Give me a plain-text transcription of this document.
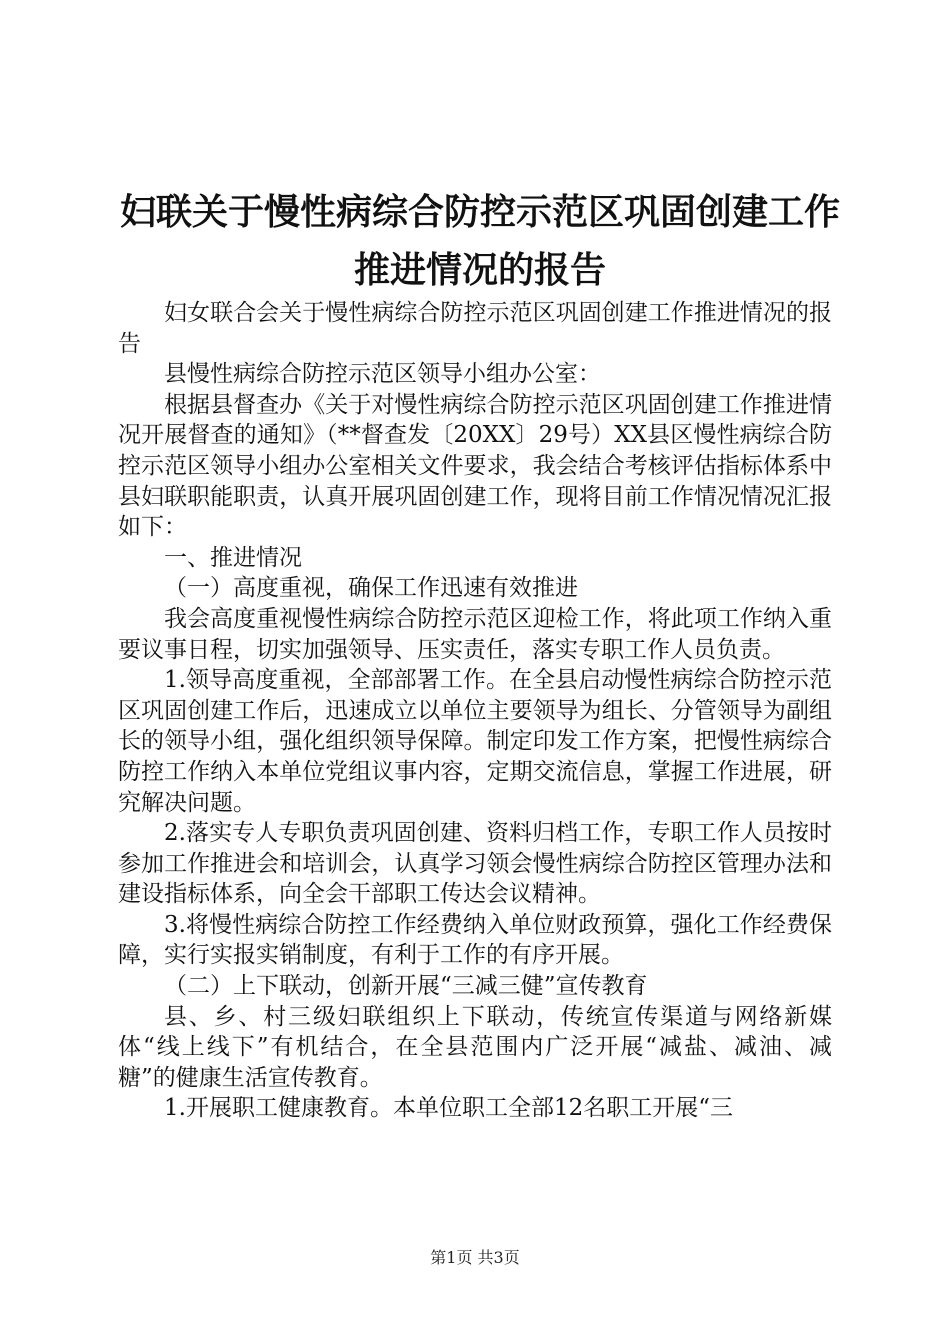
妇联关于慢性病综合防控示范区巩固创建工作
推进情况的报告

妇女联合会关于慢性病综合防控示范区巩固创建工作推进情况的报告

县慢性病综合防控示范区领导小组办公室：

根据县督查办《关于对慢性病综合防控示范区巩固创建工作推进情况开展督查的通知》（**督查发〔20XX〕29号）XX县区慢性病综合防控示范区领导小组办公室相关文件要求，我会结合考核评估指标体系中县妇联职能职责，认真开展巩固创建工作，现将目前工作情况情况汇报如下：

一、推进情况

（一）高度重视，确保工作迅速有效推进

我会高度重视慢性病综合防控示范区迎检工作，将此项工作纳入重要议事日程，切实加强领导、压实责任，落实专职工作人员负责。

1.领导高度重视，全部部署工作。在全县启动慢性病综合防控示范区巩固创建工作后，迅速成立以单位主要领导为组长、分管领导为副组长的领导小组，强化组织领导保障。制定印发工作方案，把慢性病综合防控工作纳入本单位党组议事内容，定期交流信息，掌握工作进展，研究解决问题。

2.落实专人专职负责巩固创建、资料归档工作，专职工作人员按时参加工作推进会和培训会，认真学习领会慢性病综合防控区管理办法和建设指标体系，向全会干部职工传达会议精神。

3.将慢性病综合防控工作经费纳入单位财政预算，强化工作经费保障，实行实报实销制度，有利于工作的有序开展。

（二）上下联动，创新开展“三减三健”宣传教育

县、乡、村三级妇联组织上下联动，传统宣传渠道与网络新媒体“线上线下”有机结合，在全县范围内广泛开展“减盐、减油、减糖”的健康生活宣传教育。

1.开展职工健康教育。本单位职工全部12名职工开展“三

第1页 共3页
